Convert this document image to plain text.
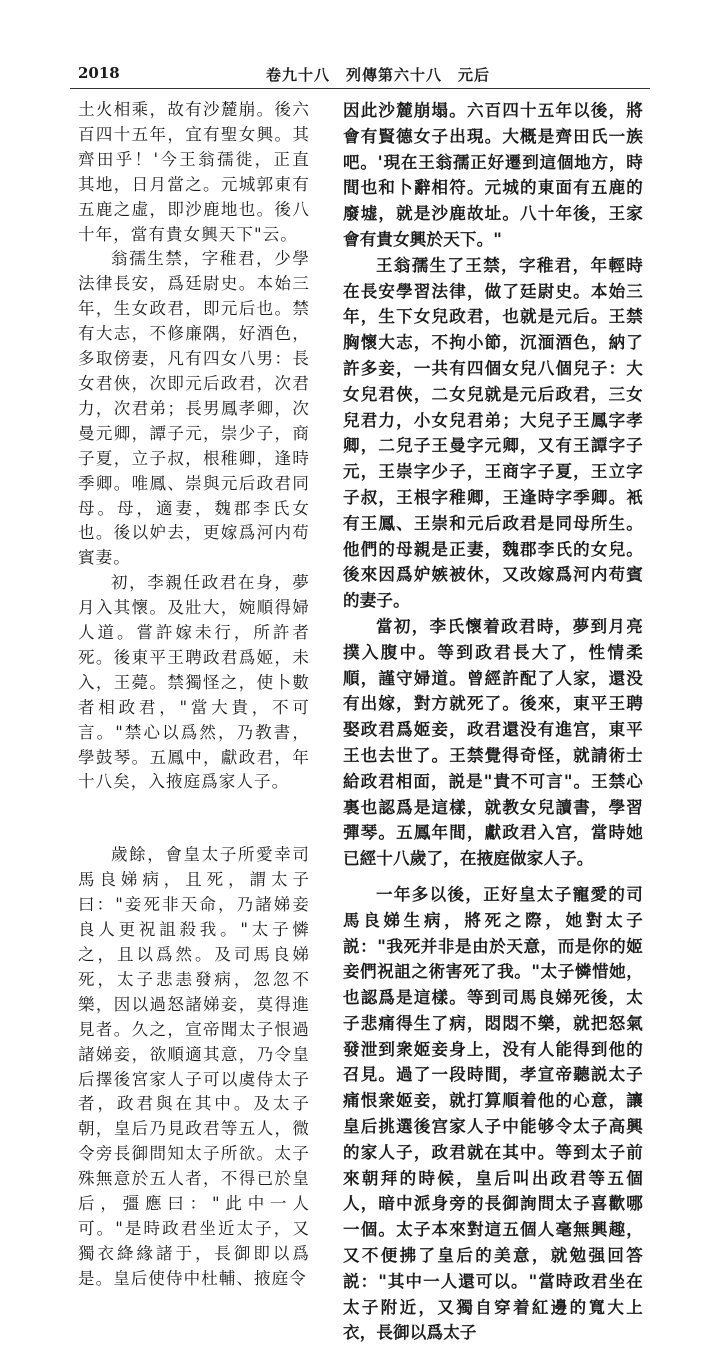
2018	卷九十八　列傳第六十八　元后

土火相乘，故有沙麓崩。後六百四十五年，宜有聖女興。其齊田乎！'今王翁孺徙，正直其地，日月當之。元城郭東有五鹿之虛，即沙鹿地也。後八十年，當有貴女興天下"云。

翁孺生禁，字稚君，少學法律長安，爲廷尉史。本始三年，生女政君，即元后也。禁有大志，不修廉隅，好酒色，多取傍妻，凡有四女八男：長女君俠，次即元后政君，次君力，次君弟；長男鳳孝卿，次曼元卿，譚子元，崇少子，商子夏，立子叔，根稚卿，逢時季卿。唯鳳、崇與元后政君同母。母，適妻，魏郡李氏女也。後以妒去，更嫁爲河内苟賓妻。

初，李親任政君在身，夢月入其懷。及壯大，婉順得婦人道。嘗許嫁未行，所許者死。後東平王聘政君爲姬，未入，王薨。禁獨怪之，使卜數者相政君，"當大貴，不可言。"禁心以爲然，乃教書，學鼓琴。五鳳中，獻政君，年十八矣，入掖庭爲家人子。

歲餘，會皇太子所愛幸司馬良娣病，且死，謂太子曰："妾死非天命，乃諸娣妾良人更祝詛殺我。"太子憐之，且以爲然。及司馬良娣死，太子悲恚發病，忽忽不樂，因以過怒諸娣妾，莫得進見者。久之，宣帝聞太子恨過諸娣妾，欲順適其意，乃令皇后擇後宮家人子可以虞侍太子者，政君與在其中。及太子朝，皇后乃見政君等五人，微令旁長御問知太子所欲。太子殊無意於五人者，不得已於皇后，彊應曰："此中一人可。"是時政君坐近太子，又獨衣絳緣諸于，長御即以爲是。皇后使侍中杜輔、掖庭令

因此沙麓崩塌。六百四十五年以後，將會有賢德女子出現。大概是齊田氏一族吧。'現在王翁孺正好遷到這個地方，時間也和卜辭相符。元城的東面有五鹿的廢墟，就是沙鹿故址。八十年後，王家會有貴女興於天下。"

王翁孺生了王禁，字稚君，年輕時在長安學習法律，做了廷尉史。本始三年，生下女兒政君，也就是元后。王禁胸懷大志，不拘小節，沉湎酒色，納了許多妾，一共有四個女兒八個兒子：大女兒君俠，二女兒就是元后政君，三女兒君力，小女兒君弟；大兒子王鳳字孝卿，二兒子王曼字元卿，又有王譚字子元，王崇字少子，王商字子夏，王立字子叔，王根字稚卿，王逢時字季卿。衹有王鳳、王崇和元后政君是同母所生。他們的母親是正妻，魏郡李氏的女兒。後來因爲妒嫉被休，又改嫁爲河内苟賓的妻子。

當初，李氏懷着政君時，夢到月亮撲入腹中。等到政君長大了，性情柔順，謹守婦道。曾經許配了人家，還没有出嫁，對方就死了。後來，東平王聘娶政君爲姬妾，政君還没有進宫，東平王也去世了。王禁覺得奇怪，就請術士給政君相面，説是"貴不可言"。王禁心裏也認爲是這樣，就教女兒讀書，學習彈琴。五鳳年間，獻政君入宫，當時她已經十八歲了，在掖庭做家人子。

一年多以後，正好皇太子寵愛的司馬良娣生病，將死之際，她對太子説："我死并非是由於天意，而是你的姬妾們祝詛之術害死了我。"太子憐惜她，也認爲是這樣。等到司馬良娣死後，太子悲痛得生了病，悶悶不樂，就把怒氣發泄到衆姬妾身上，没有人能得到他的召見。過了一段時間，孝宣帝聽説太子痛恨衆姬妾，就打算順着他的心意，讓皇后挑選後宫家人子中能够令太子高興的家人子，政君就在其中。等到太子前來朝拜的時候，皇后叫出政君等五個人，暗中派身旁的長御詢問太子喜歡哪一個。太子本來對這五個人毫無興趣，又不便拂了皇后的美意，就勉强回答説："其中一人還可以。"當時政君坐在太子附近，又獨自穿着紅邊的寬大上衣，長御以爲太子
